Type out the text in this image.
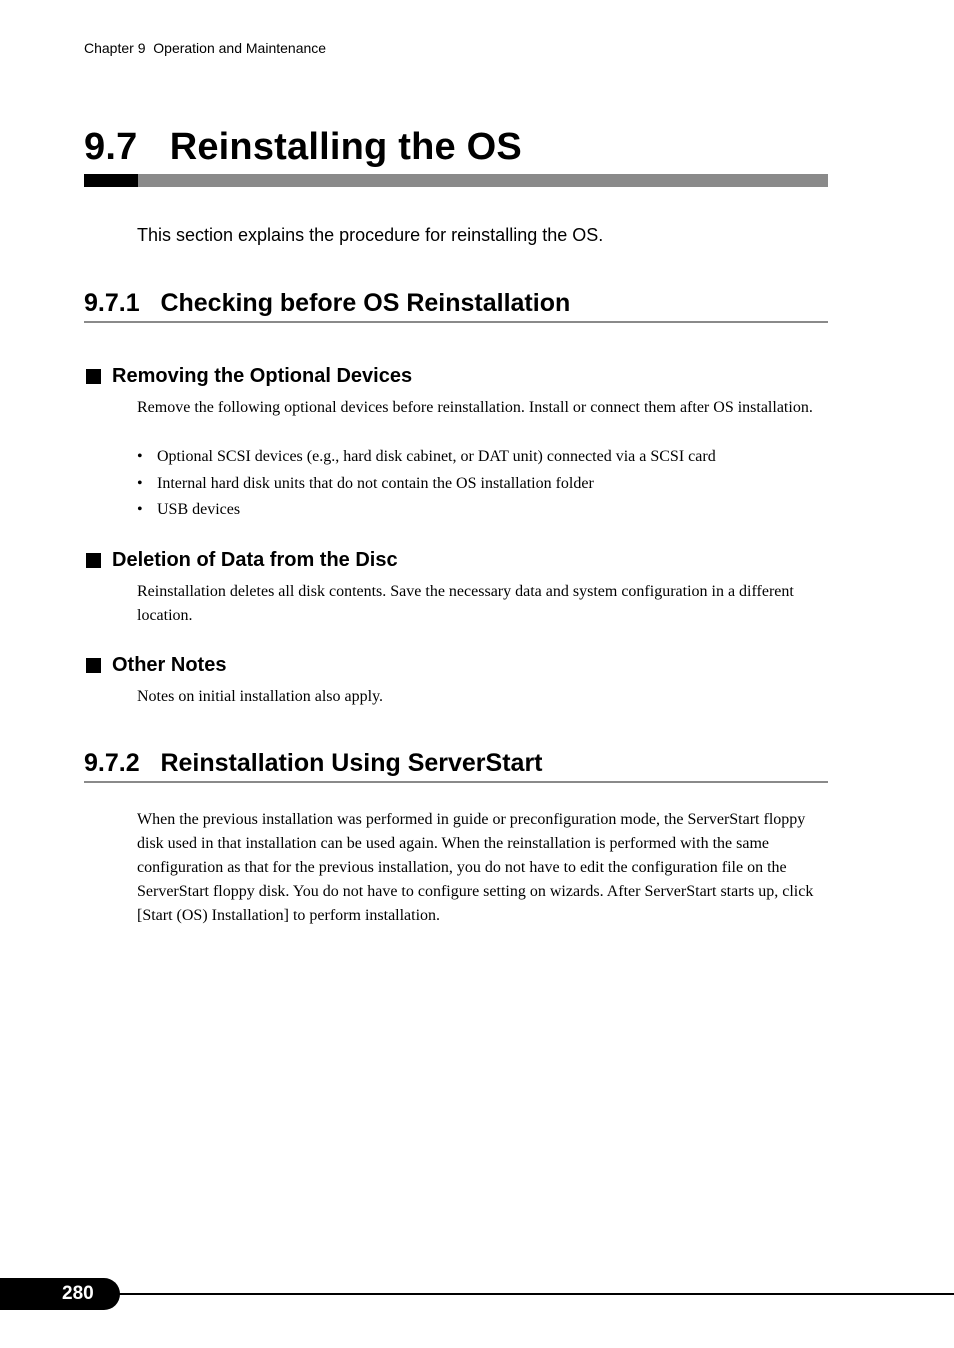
Chapter 9  Operation and Maintenance
9.7   Reinstalling the OS

This section explains the procedure for reinstalling the OS.

9.7.1   Checking before OS Reinstallation
Removing the Optional Devices

Remove the following optional devices before reinstallation. Install or connect them after OS installation.

• Optional SCSI devices (e.g., hard disk cabinet, or DAT unit) connected via a SCSI card
• Internal hard disk units that do not contain the OS installation folder
• USB devices
Deletion of Data from the Disc

Reinstallation deletes all disk contents. Save the necessary data and system configuration in a different location.

Other Notes

Notes on initial installation also apply.

9.7.2   Reinstallation Using ServerStart

When the previous installation was performed in guide or preconfiguration mode, the ServerStart floppy disk used in that installation can be used again. When the reinstallation is performed with the same configuration as that for the previous installation, you do not have to edit the configuration file on the ServerStart floppy disk. You do not have to configure setting on wizards. After ServerStart starts up, click [Start (OS) Installation] to perform installation.

280
